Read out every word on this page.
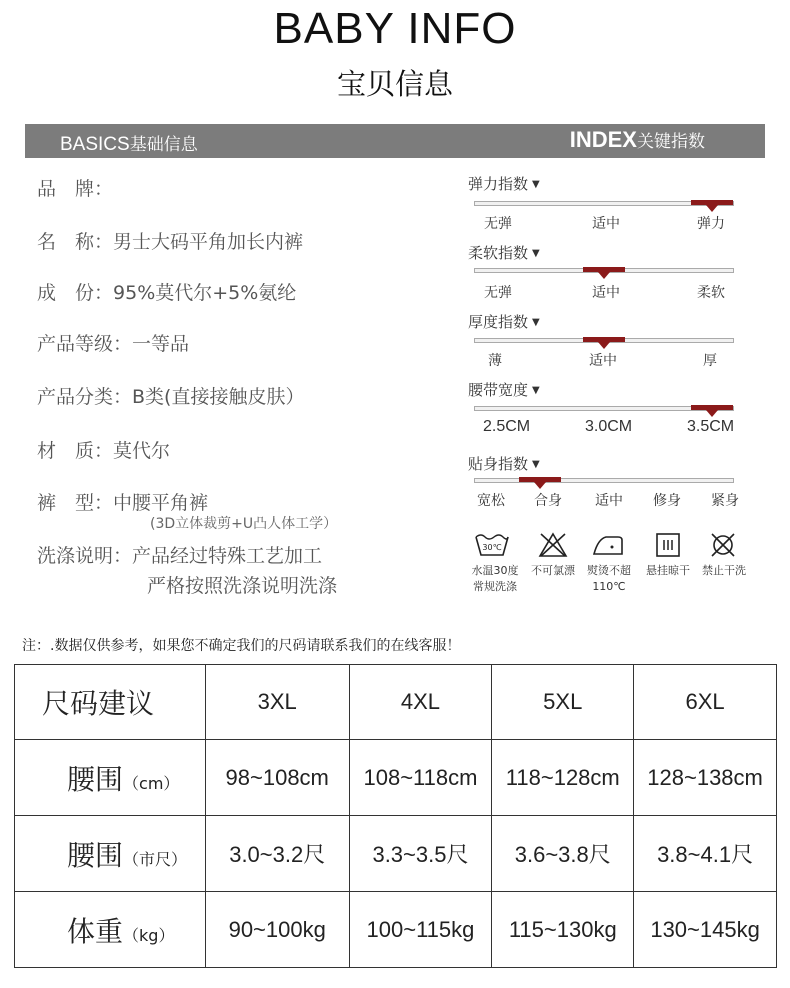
BABY INFO
宝贝信息
BASICS基础信息	INDEX关键指数
品　牌：
名　称：男士大码平角加长内裤
成　份：95%莫代尔+5%氨纶
产品等级：一等品
产品分类：B类(直接接触皮肤）
材　质：莫代尔
裤　型：中腰平角裤
(3D立体裁剪+U凸人体工学）
洗涤说明：产品经过特殊工艺加工
严格按照洗涤说明洗涤
弹力指数 ▼
无弹	适中	弹力
柔软指数 ▼
无弹	适中	柔软
厚度指数 ▼
薄	适中	厚
腰带宽度 ▼
2.5CM	3.0CM	3.5CM
贴身指数 ▼
宽松 合身 适中 修身 紧身
30℃
水温30度
常规洗涤
不可氯漂	熨烫不超
110℃
悬挂晾干	禁止干洗
注：.数据仅供参考，如果您不确定我们的尺码请联系我们的在线客服！
尺码建议	3XL	4XL	5XL	6XL
腰围（cm）	98~108cm	108~118cm	118~128cm	128~138cm
腰围（市尺）	3.0~3.2尺	3.3~3.5尺	3.6~3.8尺	3.8~4.1尺
体重（kg）	90~100kg	100~115kg	115~130kg	130~145kg
